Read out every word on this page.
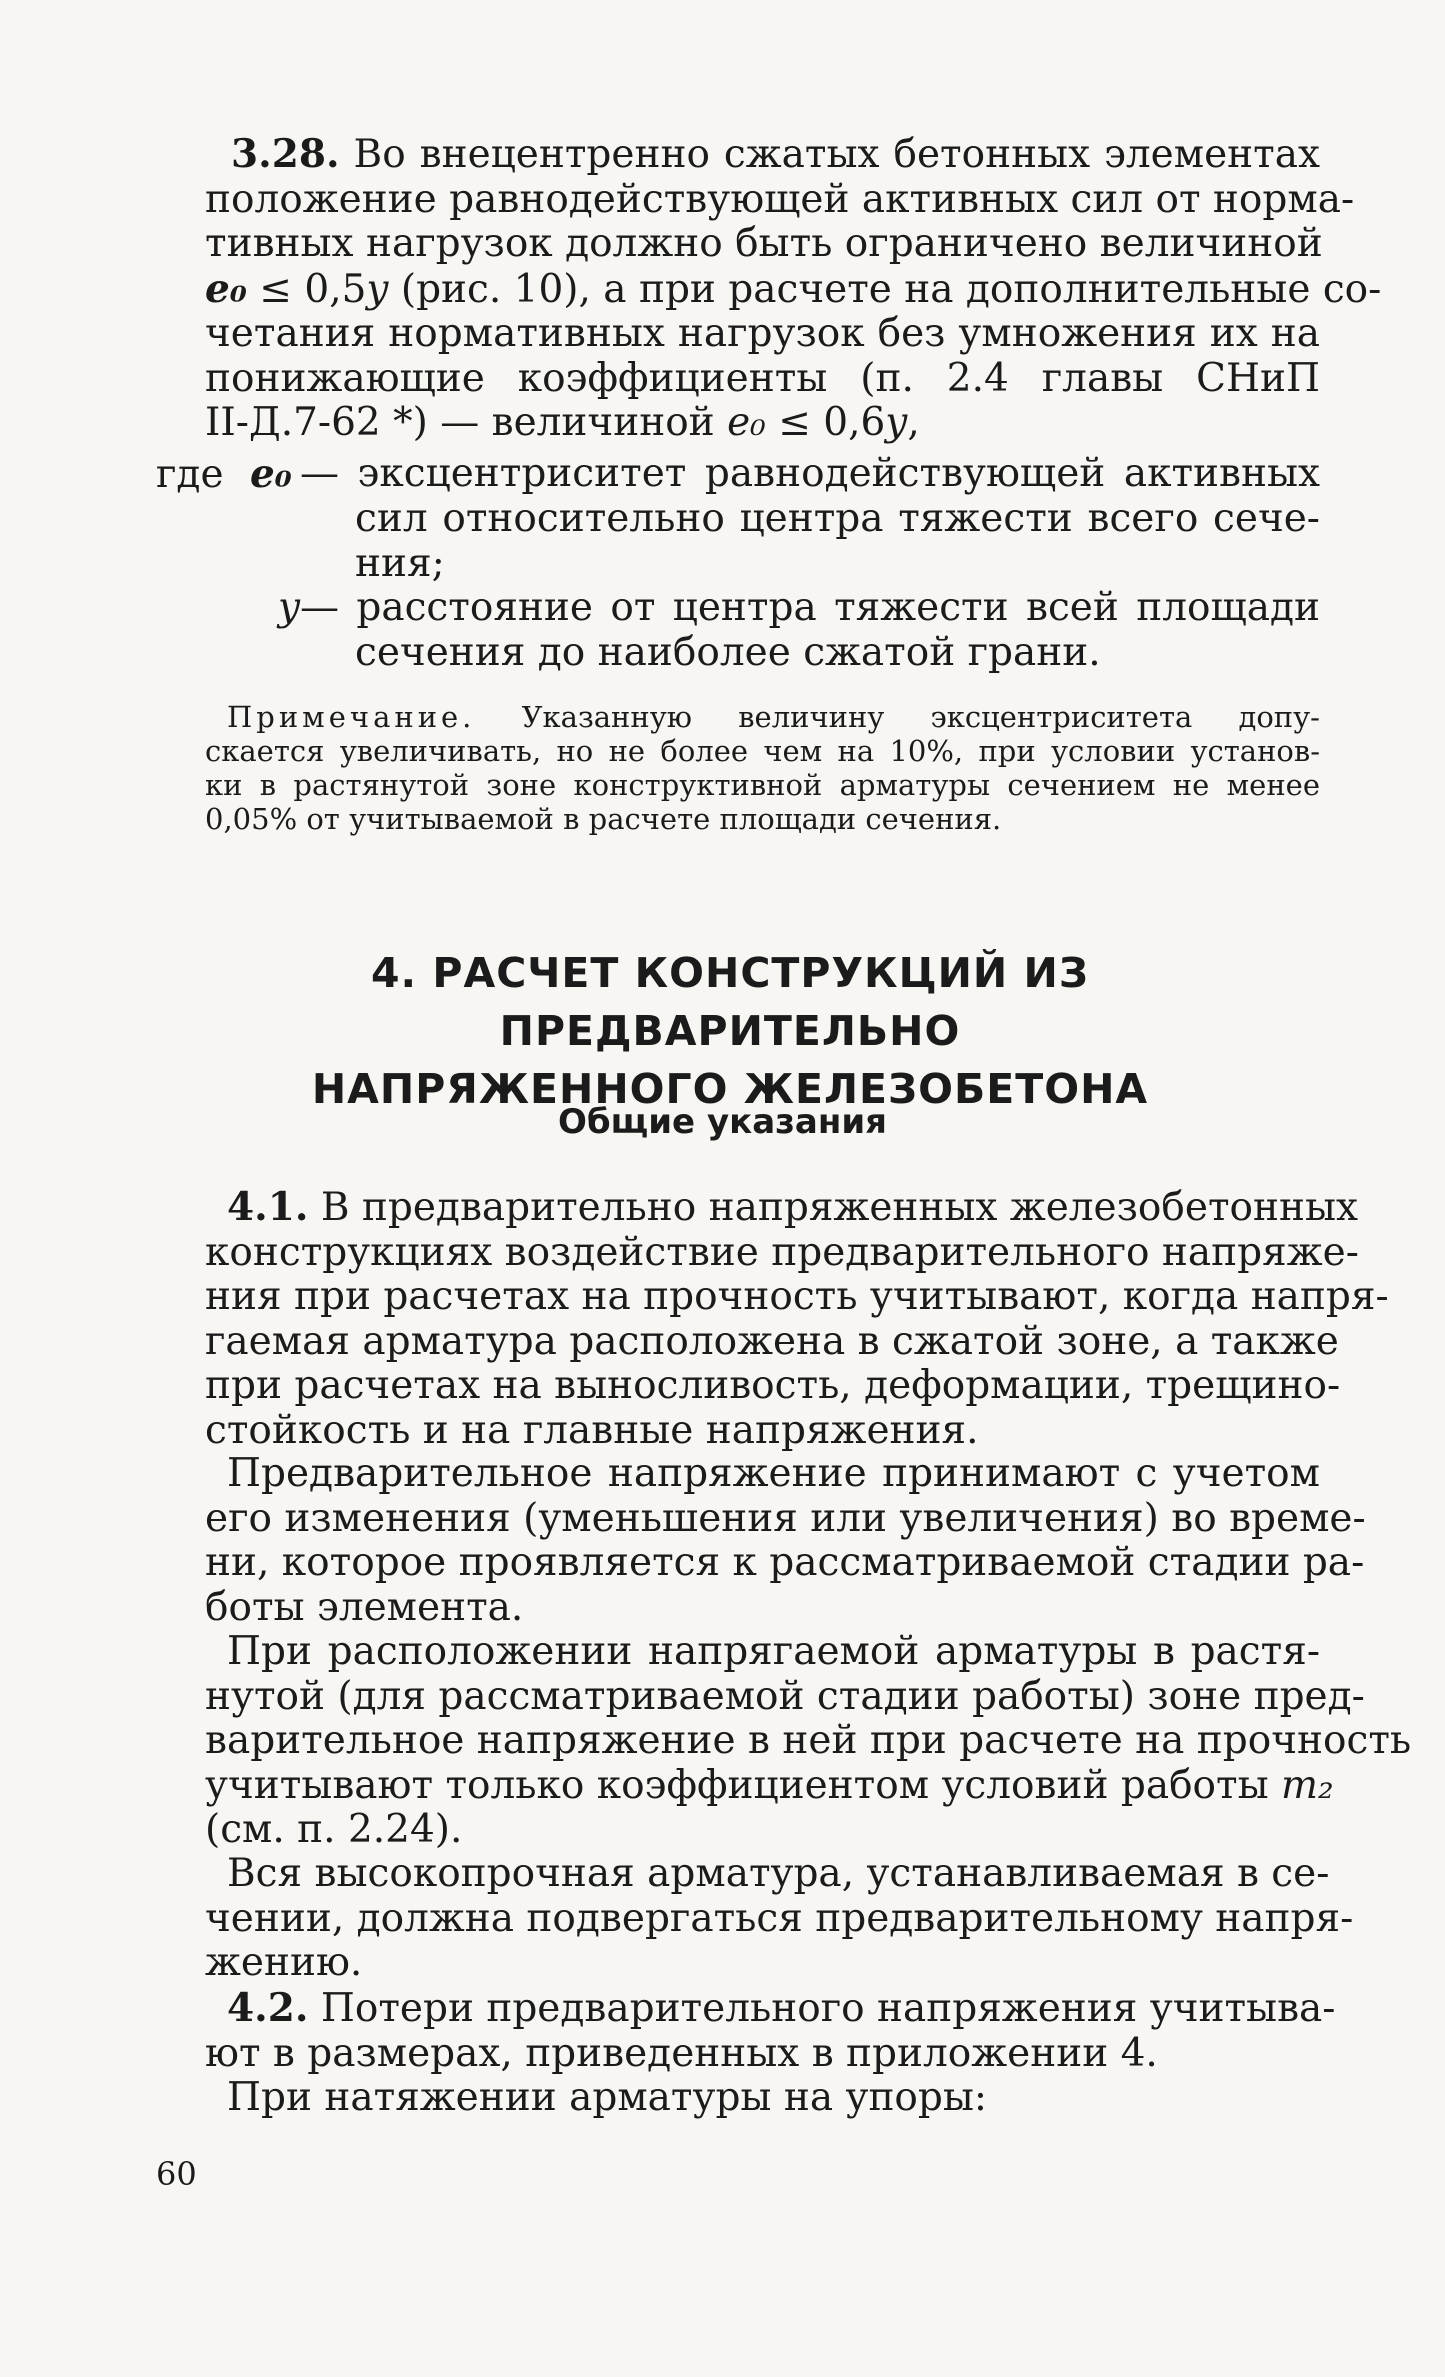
3.28. Во внецентренно сжатых бетонных элементах
положение равнодействующей активных сил от норма-
тивных нагрузок должно быть ограничено величиной
e₀ ≤ 0,5y (рис. 10), а при расчете на дополнительные со-
четания нормативных нагрузок без умножения их на
понижающие коэффициенты (п. 2.4 главы СНиП
II-Д.7-62 *) — величиной e₀ ≤ 0,6y,
где e₀ — эксцентриситет равнодействующей активных
сил относительно центра тяжести всего сече-
ния;
y — расстояние от центра тяжести всей площади
сечения до наиболее сжатой грани.
Примечание. Указанную величину эксцентриситета допу-
скается увеличивать, но не более чем на 10%, при условии установ-
ки в растянутой зоне конструктивной арматуры сечением не менее
0,05% от учитываемой в расчете площади сечения.
4. РАСЧЕТ КОНСТРУКЦИЙ ИЗ ПРЕДВАРИТЕЛЬНО
НАПРЯЖЕННОГО ЖЕЛЕЗОБЕТОНА
Общие указания
4.1. В предварительно напряженных железобетонных
конструкциях воздействие предварительного напряже-
ния при расчетах на прочность учитывают, когда напря-
гаемая арматура расположена в сжатой зоне, а также
при расчетах на выносливость, деформации, трещино-
стойкость и на главные напряжения.
Предварительное напряжение принимают с учетом
его изменения (уменьшения или увеличения) во време-
ни, которое проявляется к рассматриваемой стадии ра-
боты элемента.
При расположении напрягаемой арматуры в растя-
нутой (для рассматриваемой стадии работы) зоне пред-
варительное напряжение в ней при расчете на прочность
учитывают только коэффициентом условий работы m₂
(см. п. 2.24).
Вся высокопрочная арматура, устанавливаемая в се-
чении, должна подвергаться предварительному напря-
жению.
4.2. Потери предварительного напряжения учитыва-
ют в размерах, приведенных в приложении 4.
При натяжении арматуры на упоры:
60
